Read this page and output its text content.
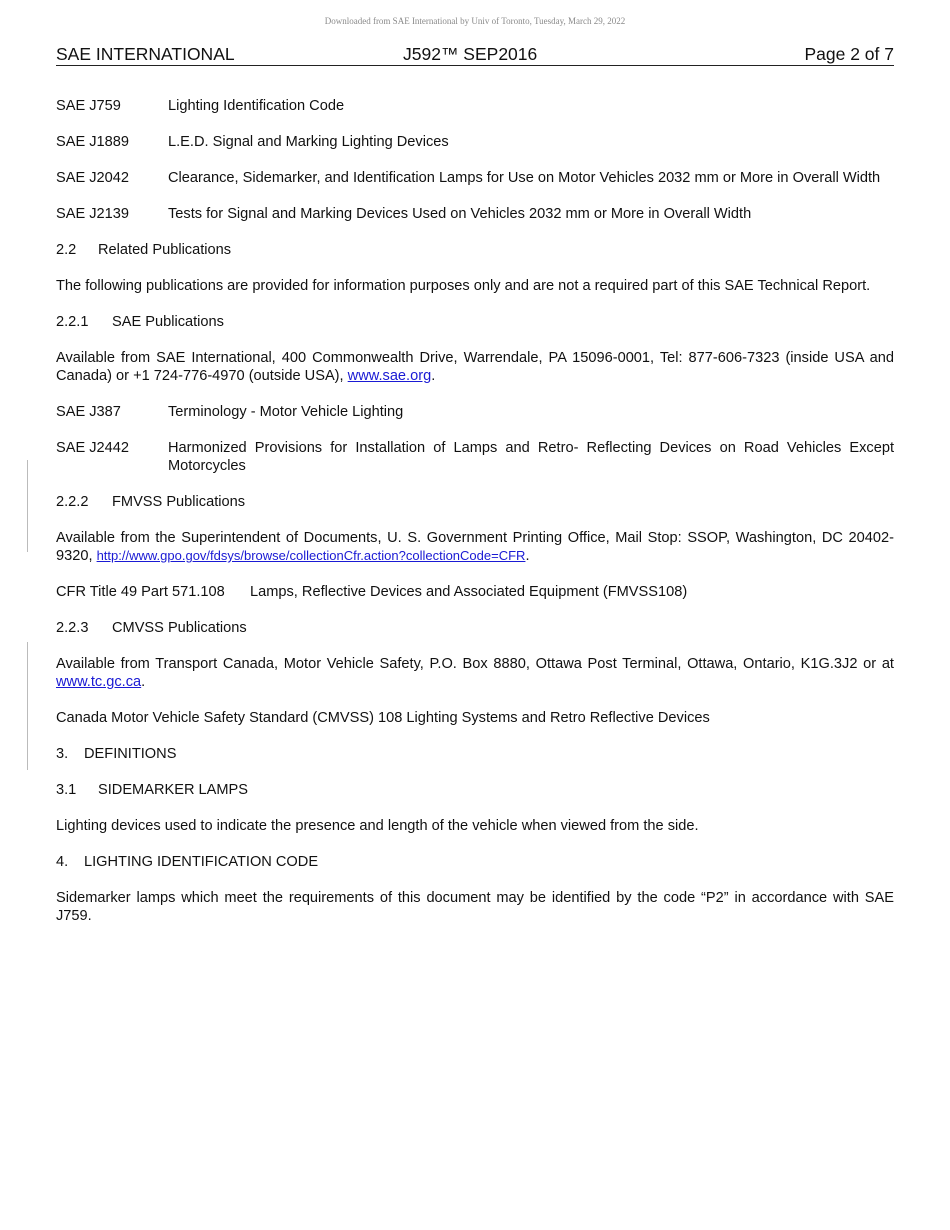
Downloaded from SAE International by Univ of Toronto, Tuesday, March 29, 2022
SAE INTERNATIONAL	J592™ SEP2016	Page 2 of 7
SAE J759	Lighting Identification Code
SAE J1889	L.E.D. Signal and Marking Lighting Devices
SAE J2042	Clearance, Sidemarker, and Identification Lamps for Use on Motor Vehicles 2032 mm or More in Overall Width
SAE J2139	Tests for Signal and Marking Devices Used on Vehicles 2032 mm or More in Overall Width
2.2 Related Publications
The following publications are provided for information purposes only and are not a required part of this SAE Technical Report.
2.2.1 SAE Publications
Available from SAE International, 400 Commonwealth Drive, Warrendale, PA 15096-0001, Tel: 877-606-7323 (inside USA and Canada) or +1 724-776-4970 (outside USA), www.sae.org.
SAE J387	Terminology - Motor Vehicle Lighting
SAE J2442	Harmonized Provisions for Installation of Lamps and Retro- Reflecting Devices on Road Vehicles Except Motorcycles
2.2.2 FMVSS Publications
Available from the Superintendent of Documents, U. S. Government Printing Office, Mail Stop: SSOP, Washington, DC 20402-9320, http://www.gpo.gov/fdsys/browse/collectionCfr.action?collectionCode=CFR.
CFR Title 49 Part 571.108	Lamps, Reflective Devices and Associated Equipment (FMVSS108)
2.2.3 CMVSS Publications
Available from Transport Canada, Motor Vehicle Safety, P.O. Box 8880, Ottawa Post Terminal, Ottawa, Ontario, K1G.3J2 or at www.tc.gc.ca.
Canada Motor Vehicle Safety Standard (CMVSS) 108 Lighting Systems and Retro Reflective Devices
3. DEFINITIONS
3.1 SIDEMARKER LAMPS
Lighting devices used to indicate the presence and length of the vehicle when viewed from the side.
4. LIGHTING IDENTIFICATION CODE
Sidemarker lamps which meet the requirements of this document may be identified by the code “P2” in accordance with SAE J759.
